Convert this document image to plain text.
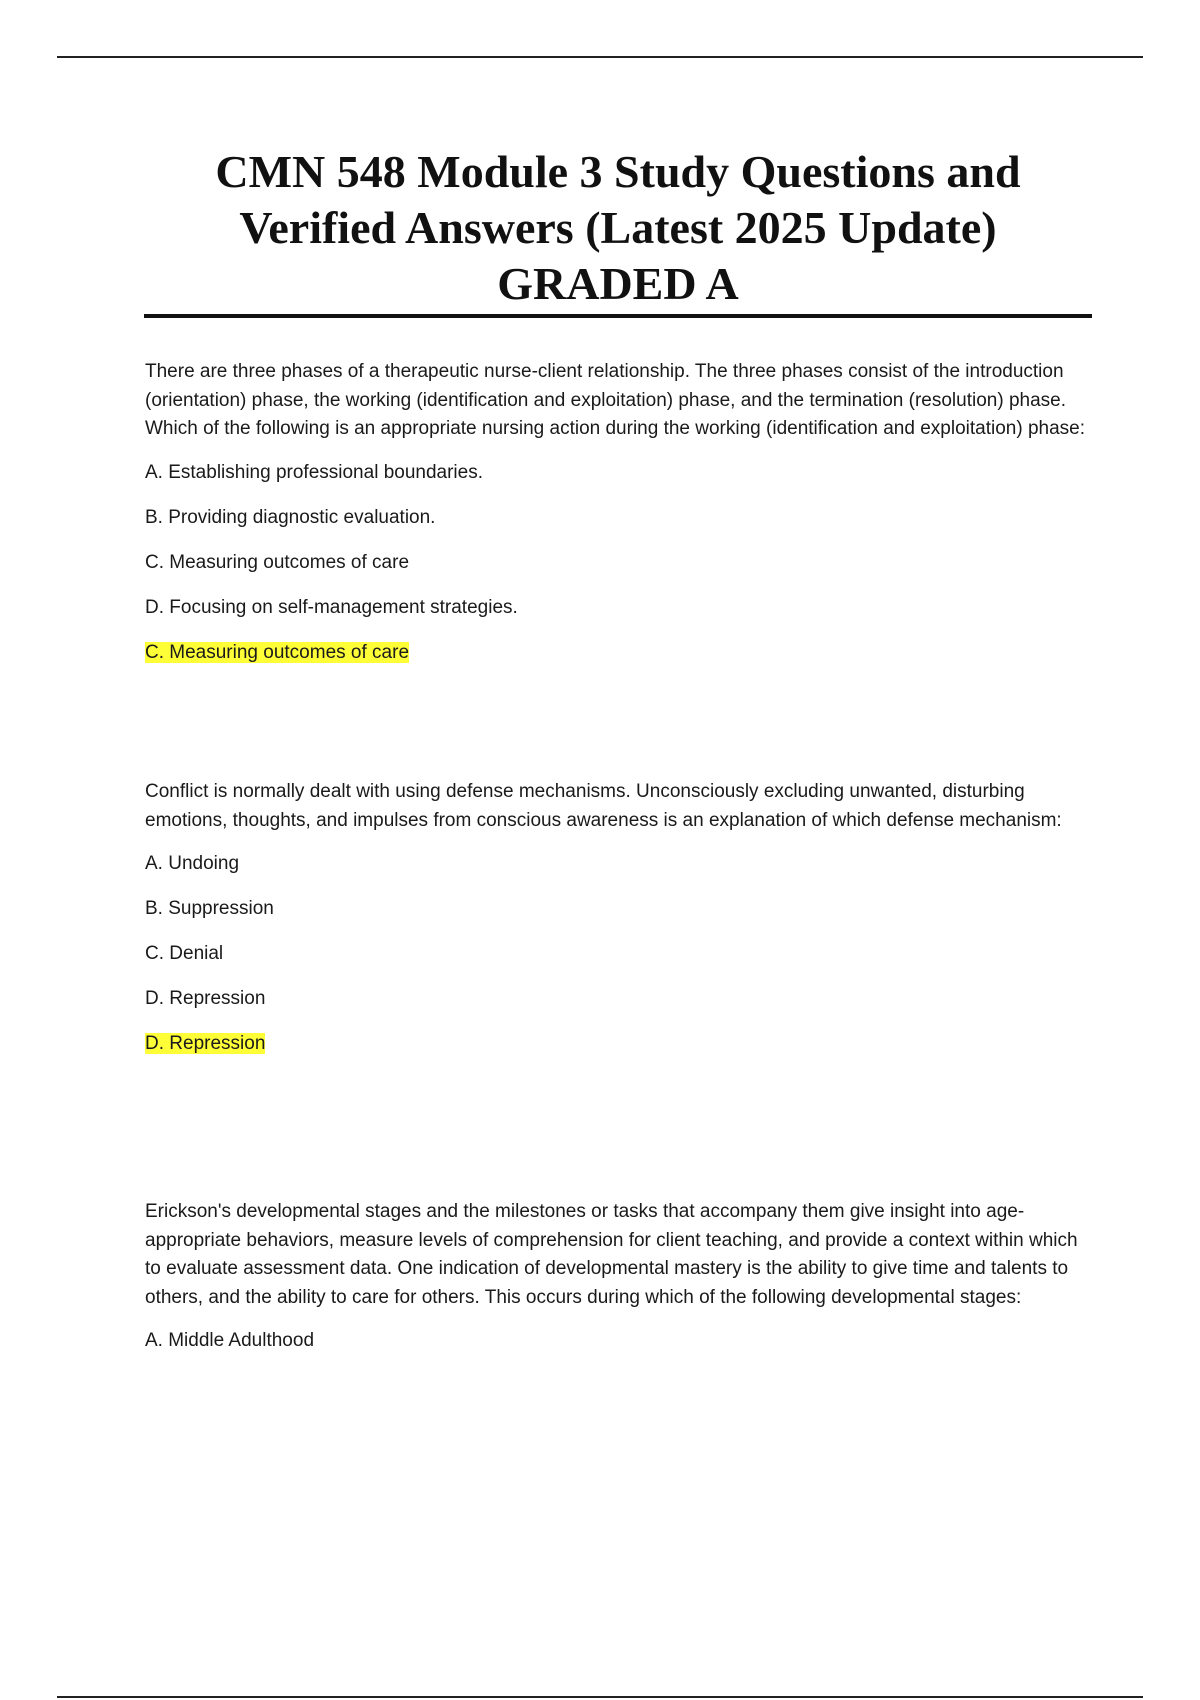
CMN 548 Module 3 Study Questions and

Verified Answers (Latest 2025 Update)

GRADED A

There are three phases of a therapeutic nurse-client relationship. The three phases consist of the introduction (orientation) phase, the working (identification and exploitation) phase, and the termination (resolution) phase. Which of the following is an appropriate nursing action during the working (identification and exploitation) phase:

A. Establishing professional boundaries.

B. Providing diagnostic evaluation.

C. Measuring outcomes of care

D. Focusing on self-management strategies.

C. Measuring outcomes of care

Conflict is normally dealt with using defense mechanisms. Unconsciously excluding unwanted, disturbing emotions, thoughts, and impulses from conscious awareness is an explanation of which defense mechanism:

A. Undoing

B. Suppression

C. Denial

D. Repression

D. Repression

Erickson's developmental stages and the milestones or tasks that accompany them give insight into age-appropriate behaviors, measure levels of comprehension for client teaching, and provide a context within which to evaluate assessment data. One indication of developmental mastery is the ability to give time and talents to others, and the ability to care for others. This occurs during which of the following developmental stages:

A. Middle Adulthood
